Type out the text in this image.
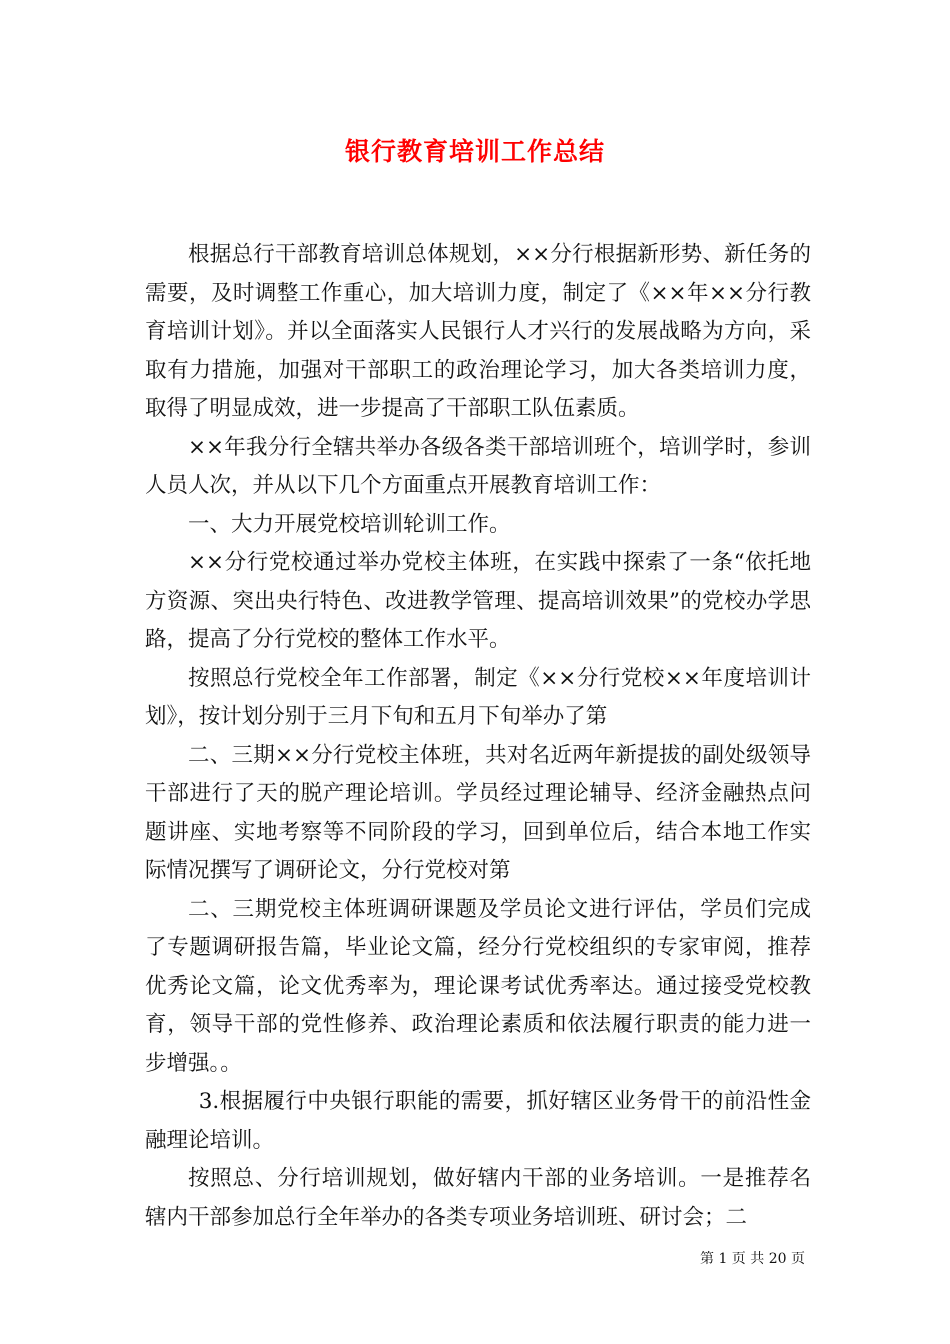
银行教育培训工作总结

根据总行干部教育培训总体规划，××分行根据新形势、新任务的需要，及时调整工作重心，加大培训力度，制定了《××年××分行教育培训计划》。并以全面落实人民银行人才兴行的发展战略为方向，采取有力措施，加强对干部职工的政治理论学习，加大各类培训力度，取得了明显成效，进一步提高了干部职工队伍素质。

××年我分行全辖共举办各级各类干部培训班个，培训学时，参训人员人次，并从以下几个方面重点开展教育培训工作：

一、大力开展党校培训轮训工作。

××分行党校通过举办党校主体班，在实践中探索了一条“依托地方资源、突出央行特色、改进教学管理、提高培训效果”的党校办学思路，提高了分行党校的整体工作水平。

按照总行党校全年工作部署，制定《××分行党校××年度培训计划》，按计划分别于三月下旬和五月下旬举办了第

二、三期××分行党校主体班，共对名近两年新提拔的副处级领导干部进行了天的脱产理论培训。学员经过理论辅导、经济金融热点问题讲座、实地考察等不同阶段的学习，回到单位后，结合本地工作实际情况撰写了调研论文，分行党校对第

二、三期党校主体班调研课题及学员论文进行评估，学员们完成了专题调研报告篇，毕业论文篇，经分行党校组织的专家审阅，推荐优秀论文篇，论文优秀率为，理论课考试优秀率达。通过接受党校教育，领导干部的党性修养、政治理论素质和依法履行职责的能力进一步增强。。

3.根据履行中央银行职能的需要，抓好辖区业务骨干的前沿性金融理论培训。

按照总、分行培训规划，做好辖内干部的业务培训。一是推荐名辖内干部参加总行全年举办的各类专项业务培训班、研讨会；二

第 1 页 共 20 页
